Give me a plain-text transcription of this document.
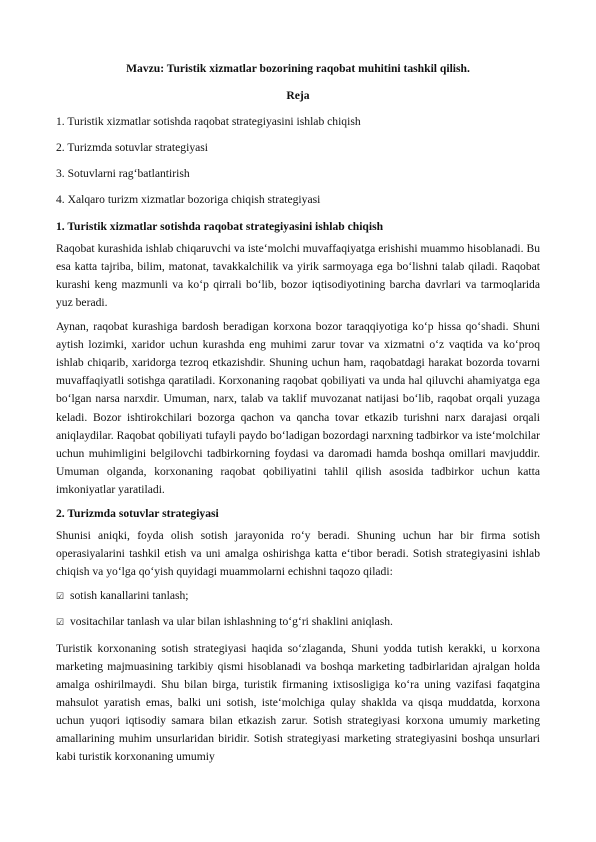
Mavzu: Turistik xizmatlar bozorining raqobat muhitini tashkil qilish.
Reja
1. Turistik xizmatlar sotishda raqobat strategiyasini ishlab chiqish
2. Turizmda sotuvlar strategiyasi
3. Sotuvlarni rag‘batlantirish
4. Xalqaro turizm xizmatlar bozoriga chiqish strategiyasi
1. Turistik xizmatlar sotishda raqobat strategiyasini ishlab chiqish
Raqobat kurashida ishlab chiqaruvchi va iste‘molchi muvaffaqiyatga erishishi muammo hisoblanadi. Bu esa katta tajriba, bilim, matonat, tavakkalchilik va yirik sarmoyaga ega bo‘lishni talab qiladi. Raqobat kurashi keng mazmunli va ko‘p qirrali bo‘lib, bozor iqtisodiyotining barcha davrlari va tarmoqlarida yuz beradi.
Aynan, raqobat kurashiga bardosh beradigan korxona bozor taraqqiyotiga ko‘p hissa qo‘shadi. Shuni aytish lozimki, xaridor uchun kurashda eng muhimi zarur tovar va xizmatni o‘z vaqtida va ko‘proq ishlab chiqarib, xaridorga tezroq etkazishdir. Shuning uchun ham, raqobatdagi harakat bozorda tovarni muvaffaqiyatli sotishga qaratiladi. Korxonaning raqobat qobiliyati va unda hal qiluvchi ahamiyatga ega bo‘lgan narsa narxdir. Umuman, narx, talab va taklif muvozanat natijasi bo‘lib, raqobat orqali yuzaga keladi. Bozor ishtirokchilari bozorga qachon va qancha tovar etkazib turishni narx darajasi orqali aniqlaydilar. Raqobat qobiliyati tufayli paydo bo‘ladigan bozordagi narxning tadbirkor va iste‘molchilar uchun muhimligini belgilovchi tadbirkorning foydasi va daromadi hamda boshqa omillari mavjuddir. Umuman olganda, korxonaning raqobat qobiliyatini tahlil qilish asosida tadbirkor uchun katta imkoniyatlar yaratiladi.
2. Turizmda sotuvlar strategiyasi
Shunisi aniqki, foyda olish sotish jarayonida ro‘y beradi. Shuning uchun har bir firma sotish operasiyalarini tashkil etish va uni amalga oshirishga katta e‘tibor beradi. Sotish strategiyasini ishlab chiqish va yo‘lga qo‘yish quyidagi muammolarni echishni taqozo qiladi:
☑ sotish kanallarini tanlash;
☑ vositachilar tanlash va ular bilan ishlashning to‘g‘ri shaklini aniqlash.
Turistik korxonaning sotish strategiyasi haqida so‘zlaganda, Shuni yodda tutish kerakki, u korxona marketing majmuasining tarkibiy qismi hisoblanadi va boshqa marketing tadbirlaridan ajralgan holda amalga oshirilmaydi. Shu bilan birga, turistik firmaning ixtisosligiga ko‘ra uning vazifasi faqatgina mahsulot yaratish emas, balki uni sotish, iste‘molchiga qulay shaklda va qisqa muddatda, korxona uchun yuqori iqtisodiy samara bilan etkazish zarur. Sotish strategiyasi korxona umumiy marketing amallarining muhim unsurlaridan biridir. Sotish strategiyasi marketing strategiyasini boshqa unsurlari kabi turistik korxonaning umumiy
